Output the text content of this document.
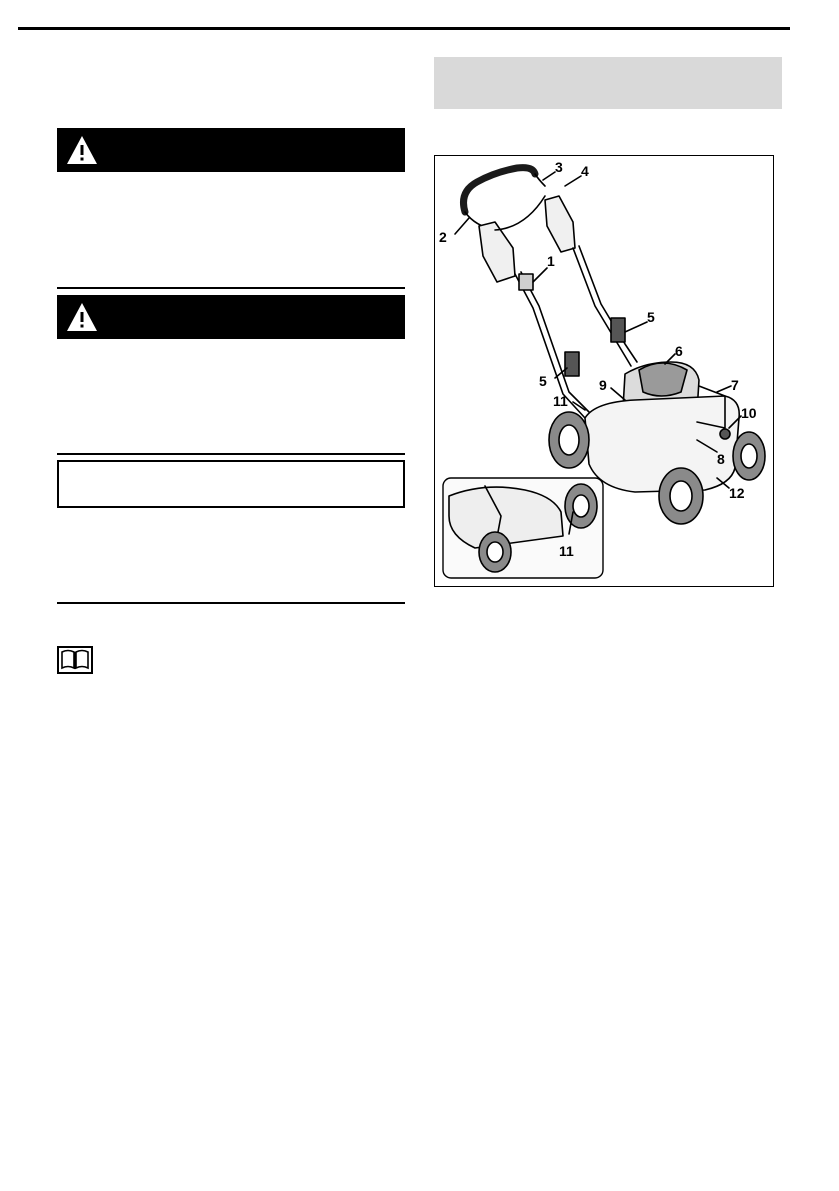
1
2
3 4
5
5
6
7
8
9
10
11
11
12
